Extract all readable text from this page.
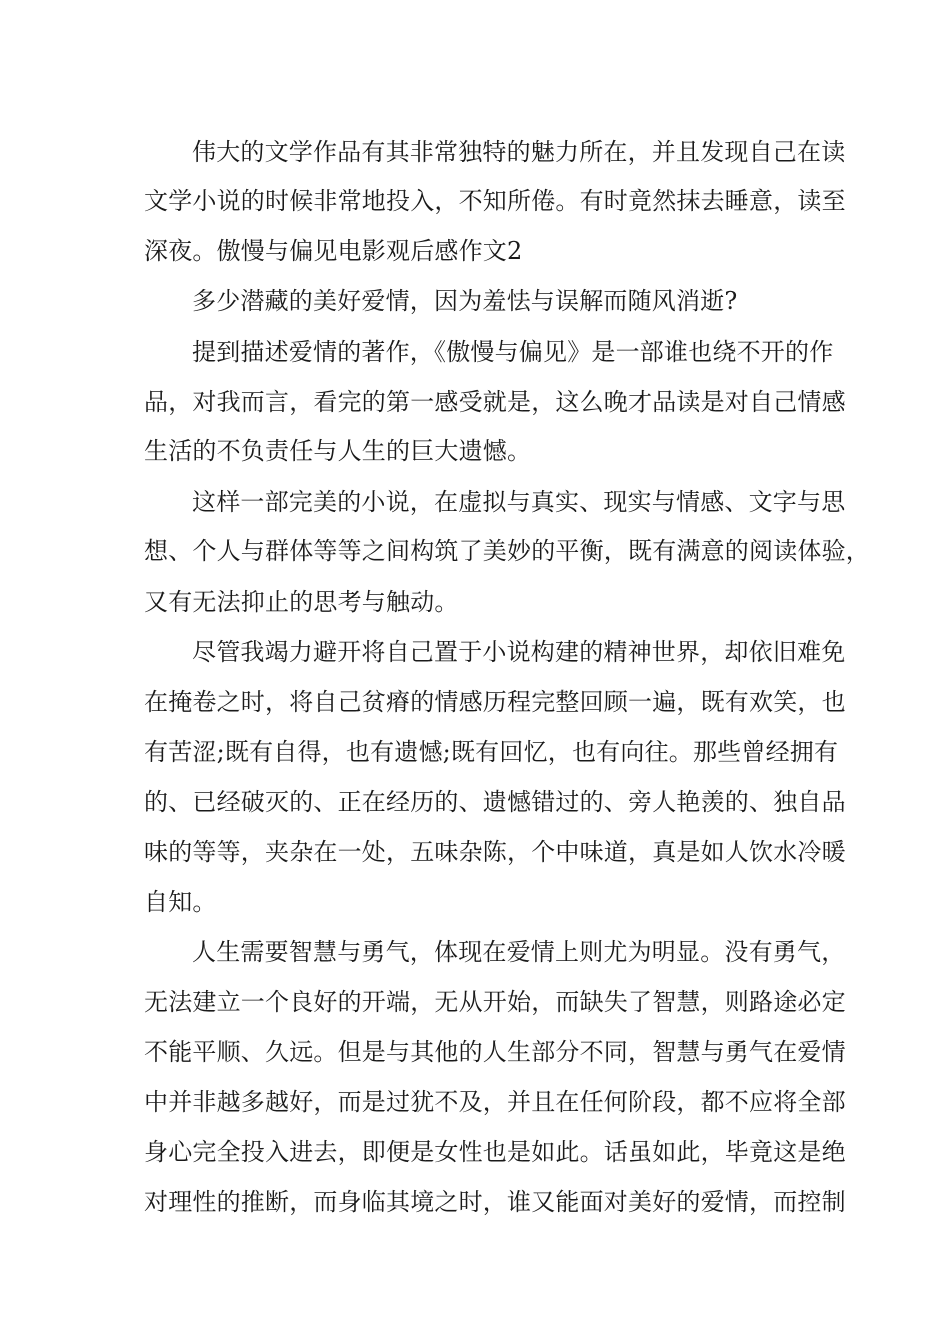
伟大的文学作品有其非常独特的魅力所在，并且发现自己在读
文学小说的时候非常地投入，不知所倦。有时竟然抹去睡意，读至
深夜。傲慢与偏见电影观后感作文2
多少潜藏的美好爱情，因为羞怯与误解而随风消逝?
提到描述爱情的著作，《傲慢与偏见》是一部谁也绕不开的作
品，对我而言，看完的第一感受就是，这么晚才品读是对自己情感
生活的不负责任与人生的巨大遗憾。
这样一部完美的小说，在虚拟与真实、现实与情感、文字与思
想、个人与群体等等之间构筑了美妙的平衡，既有满意的阅读体验，
又有无法抑止的思考与触动。
尽管我竭力避开将自己置于小说构建的精神世界，却依旧难免
在掩卷之时，将自己贫瘠的情感历程完整回顾一遍，既有欢笑，也
有苦涩;既有自得，也有遗憾;既有回忆，也有向往。那些曾经拥有
的、已经破灭的、正在经历的、遗憾错过的、旁人艳羡的、独自品
味的等等，夹杂在一处，五味杂陈，个中味道，真是如人饮水冷暖
自知。
人生需要智慧与勇气，体现在爱情上则尤为明显。没有勇气，
无法建立一个良好的开端，无从开始，而缺失了智慧，则路途必定
不能平顺、久远。但是与其他的人生部分不同，智慧与勇气在爱情
中并非越多越好，而是过犹不及，并且在任何阶段，都不应将全部
身心完全投入进去，即便是女性也是如此。话虽如此，毕竟这是绝
对理性的推断，而身临其境之时，谁又能面对美好的爱情，而控制
